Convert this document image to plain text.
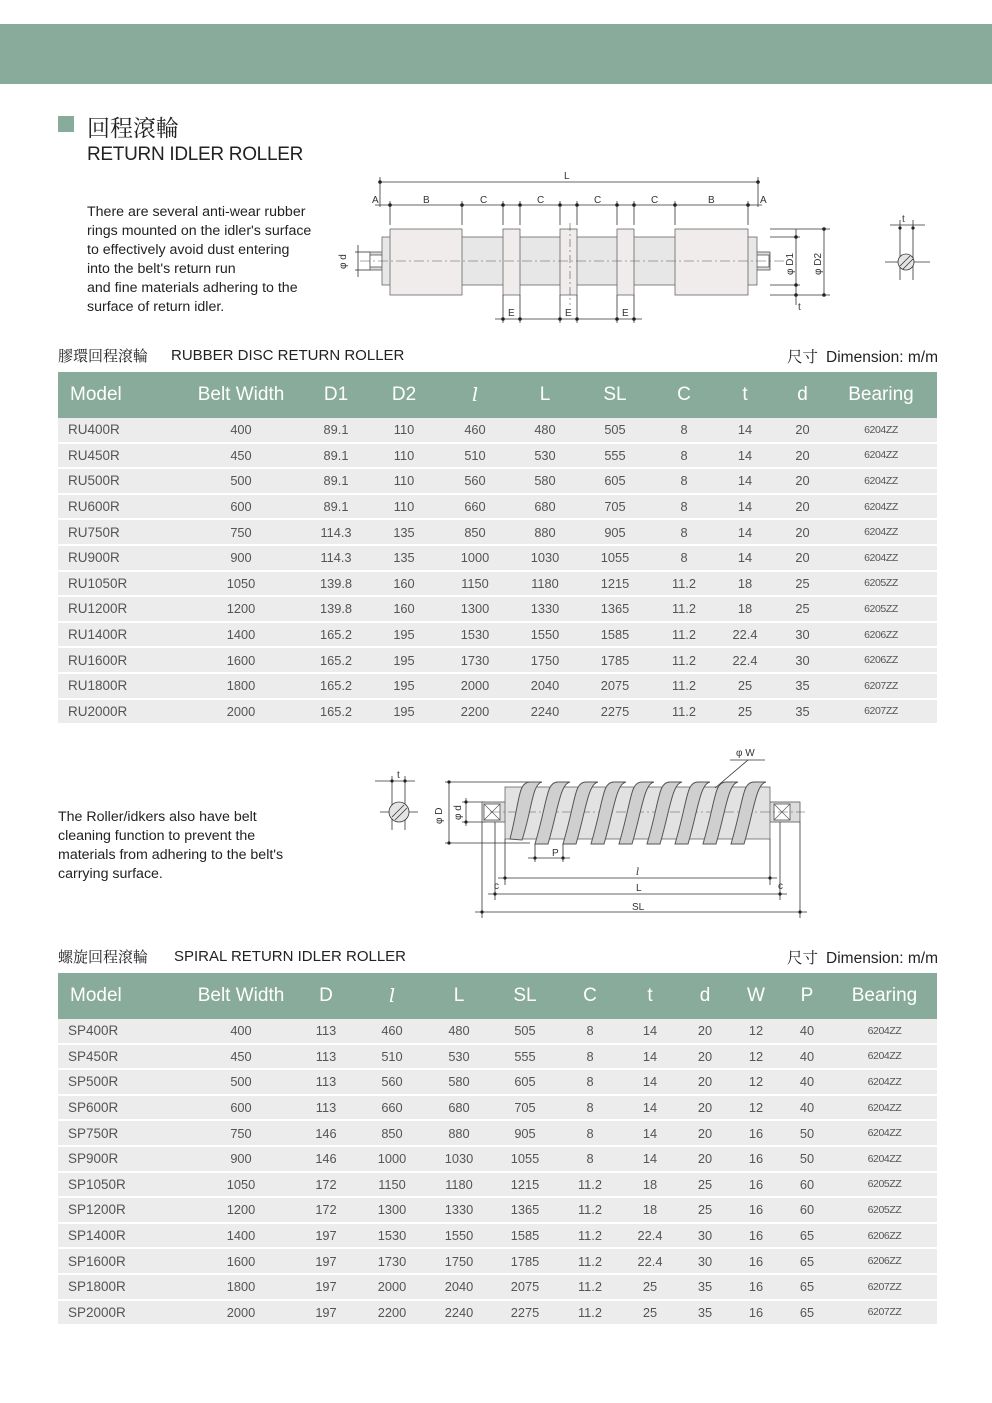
回程滾輪
RETURN IDLER ROLLER
There are several anti-wear rubber
rings mounted on the idler's surface
to effectively avoid dust entering
into the belt's return run
and fine materials adhering to the
surface of return idler.
L
A	A
B	B
C	C	C	C
E	E	E
t
φ d	φ D1 φ D2
t
膠環回程滾輪 RUBBER DISC RETURN ROLLER	尺寸 Dimension: m/m
Model	Belt Width	D1	D2	l	L	SL	C	t	d	Bearing
RU400R	400	89.1	110	460	480	505	8	14	20	6204ZZ
RU450R	450	89.1	110	510	530	555	8	14	20	6204ZZ
RU500R	500	89.1	110	560	580	605	8	14	20	6204ZZ
RU600R	600	89.1	110	660	680	705	8	14	20	6204ZZ
RU750R	750	114.3	135	850	880	905	8	14	20	6204ZZ
RU900R	900	114.3	135	1000	1030	1055	8	14	20	6204ZZ
RU1050R	1050	139.8	160	1150	1180	1215	11.2	18	25	6205ZZ
RU1200R	1200	139.8	160	1300	1330	1365	11.2	18	25	6205ZZ
RU1400R	1400	165.2	195	1530	1550	1585	11.2	22.4	30	6206ZZ
RU1600R	1600	165.2	195	1730	1750	1785	11.2	22.4	30	6206ZZ
RU1800R	1800	165.2	195	2000	2040	2075	11.2	25	35	6207ZZ
RU2000R	2000	165.2	195	2200	2240	2275	11.2	25	35	6207ZZ
The Roller/idkers also have belt
cleaning function to prevent the
materials from adhering to the belt's
carrying surface.
t
φ D φ d
φ W
P
l
L
SL
c	c
螺旋回程滾輪 SPIRAL RETURN IDLER ROLLER	尺寸 Dimension: m/m
Model	Belt Width	D	l	L	SL	C	t	d	W	P	Bearing
SP400R	400	113	460	480	505	8	14	20	12	40	6204ZZ
SP450R	450	113	510	530	555	8	14	20	12	40	6204ZZ
SP500R	500	113	560	580	605	8	14	20	12	40	6204ZZ
SP600R	600	113	660	680	705	8	14	20	12	40	6204ZZ
SP750R	750	146	850	880	905	8	14	20	16	50	6204ZZ
SP900R	900	146	1000	1030	1055	8	14	20	16	50	6204ZZ
SP1050R	1050	172	1150	1180	1215	11.2	18	25	16	60	6205ZZ
SP1200R	1200	172	1300	1330	1365	11.2	18	25	16	60	6205ZZ
SP1400R	1400	197	1530	1550	1585	11.2	22.4	30	16	65	6206ZZ
SP1600R	1600	197	1730	1750	1785	11.2	22.4	30	16	65	6206ZZ
SP1800R	1800	197	2000	2040	2075	11.2	25	35	16	65	6207ZZ
SP2000R	2000	197	2200	2240	2275	11.2	25	35	16	65	6207ZZ
